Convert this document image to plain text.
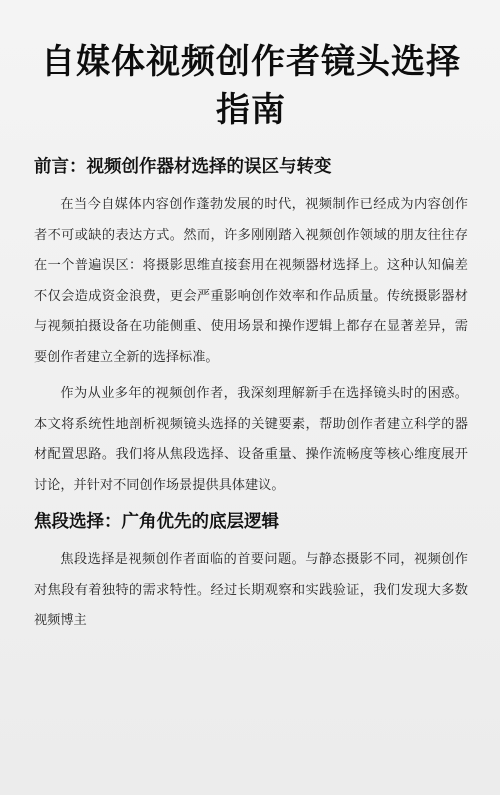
自媒体视频创作者镜头选择指南
前言：视频创作器材选择的误区与转变

在当今自媒体内容创作蓬勃发展的时代，视频制作已经成为内容创作者不可或缺的表达方式。然而，许多刚刚踏入视频创作领域的朋友往往存在一个普遍误区：将摄影思维直接套用在视频器材选择上。这种认知偏差不仅会造成资金浪费，更会严重影响创作效率和作品质量。传统摄影器材与视频拍摄设备在功能侧重、使用场景和操作逻辑上都存在显著差异，需要创作者建立全新的选择标准。

作为从业多年的视频创作者，我深刻理解新手在选择镜头时的困惑。本文将系统性地剖析视频镜头选择的关键要素，帮助创作者建立科学的器材配置思路。我们将从焦段选择、设备重量、操作流畅度等核心维度展开讨论，并针对不同创作场景提供具体建议。

焦段选择：广角优先的底层逻辑

焦段选择是视频创作者面临的首要问题。与静态摄影不同，视频创作对焦段有着独特的需求特性。经过长期观察和实践验证，我们发现大多数视频博主
